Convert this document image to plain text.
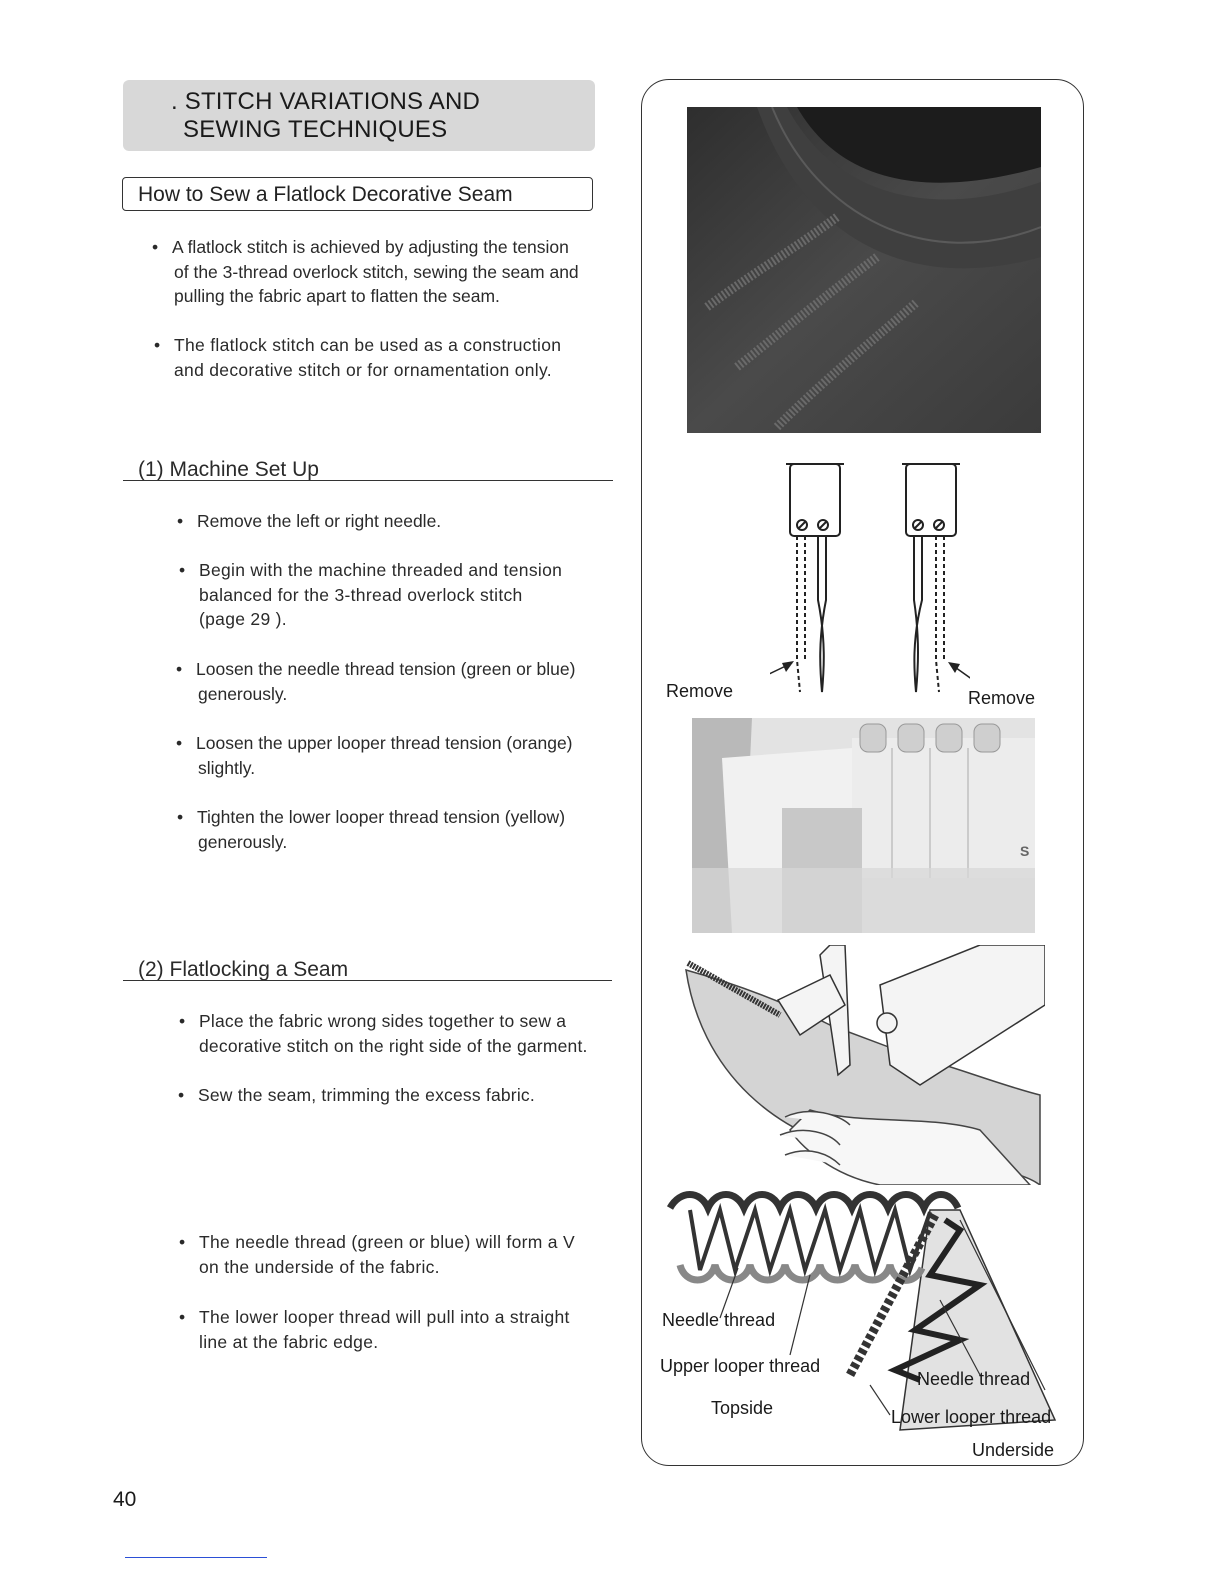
. STITCH VARIATIONS AND
SEWING TECHNIQUES
How to Sew a Flatlock Decorative Seam
• A flatlock stitch is achieved by adjusting the tension
of the 3-thread overlock stitch, sewing the seam and
pulling the fabric apart to flatten the seam.
• The flatlock stitch can be used as a construction
and decorative stitch or for ornamentation only.
(1) Machine Set Up
• Remove the left or right needle.
• Begin with the machine threaded and tension
balanced for the 3-thread overlock stitch
(page 29 ).
• Loosen the needle thread tension (green or blue)
generously.
• Loosen the upper looper thread tension (orange)
slightly.
• Tighten the lower looper thread tension (yellow)
generously.
(2) Flatlocking a Seam
• Place the fabric wrong sides together to sew a
decorative stitch on the right side of the garment.
• Sew the seam, trimming the excess fabric.
• The needle thread (green or blue) will form a V
on the underside of the fabric.
• The lower looper thread will pull into a straight
line at the fabric edge.
Remove	Remove
S
Needle thread
Upper looper thread
Topside
Needle thread
Lower looper thread
Underside
40
